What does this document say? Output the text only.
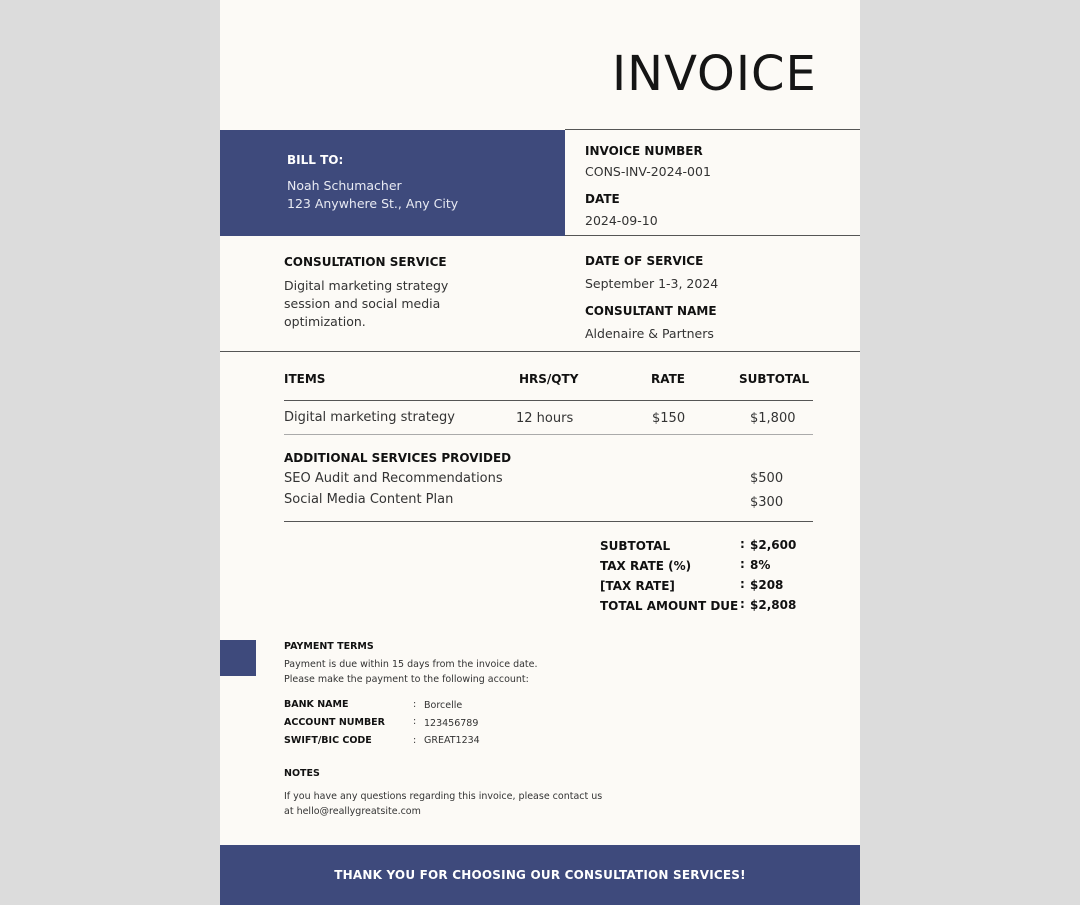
INVOICE
BILL TO:
Noah Schumacher
123 Anywhere St., Any City
INVOICE NUMBER
CONS-INV-2024-001
DATE
2024-09-10
CONSULTATION SERVICE
Digital marketing strategy
session and social media
optimization.
DATE OF SERVICE
September 1-3, 2024
CONSULTANT NAME
Aldenaire & Partners
ITEMS	HRS/QTY	RATE	SUBTOTAL
Digital marketing strategy	12 hours	$150	$1,800
ADDITIONAL SERVICES PROVIDED
SEO Audit and Recommendations	$500
Social Media Content Plan	$300
SUBTOTAL	: $2,600
TAX RATE (%)	: 8%
[TAX RATE]	: $208
TOTAL AMOUNT DUE : $2,808
PAYMENT TERMS
Payment is due within 15 days from the invoice date.
Please make the payment to the following account:
BANK NAME	: Borcelle
ACCOUNT NUMBER	: 123456789
SWIFT/BIC CODE	: GREAT1234
NOTES
If you have any questions regarding this invoice, please contact us
at hello@reallygreatsite.com
THANK YOU FOR CHOOSING OUR CONSULTATION SERVICES!
